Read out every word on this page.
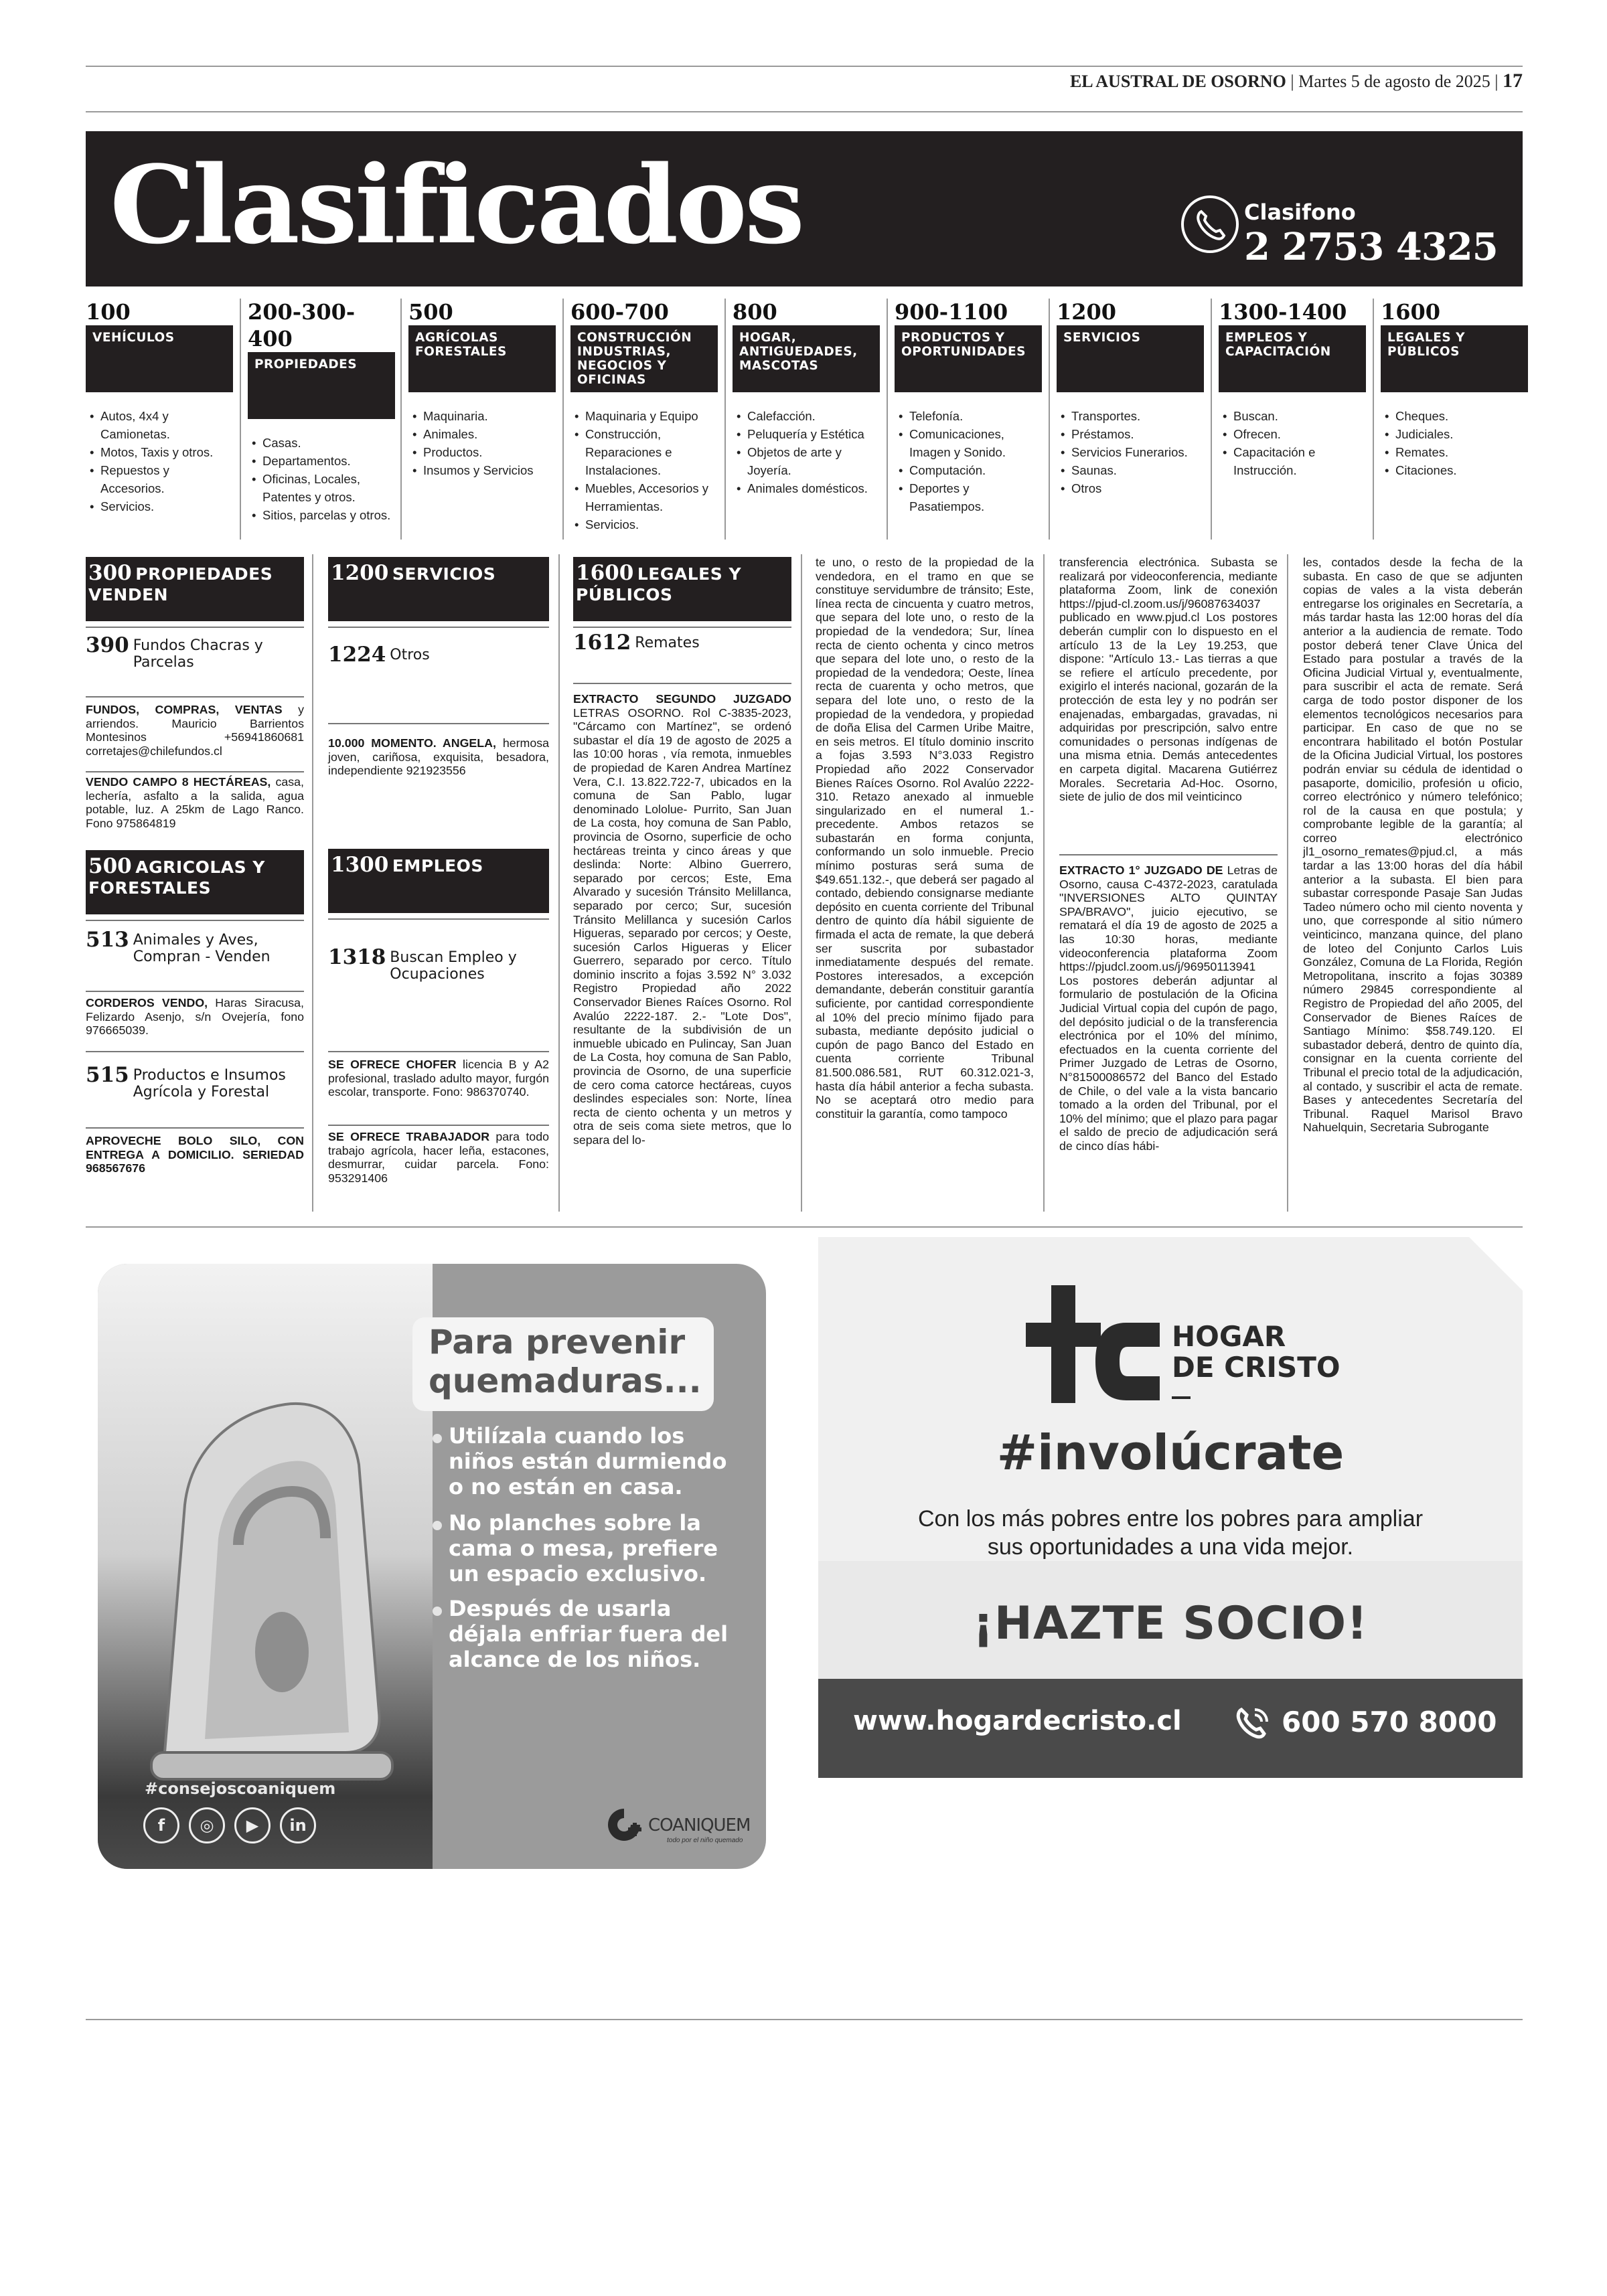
EL AUSTRAL DE OSORNO | Martes 5 de agosto de 2025 | 17
Clasificados	Clasifono
2 2753 4325
100
VEHÍCULOS
• Autos, 4x4 y Camionetas.
• Motos, Taxis y otros.
• Repuestos y Accesorios.
• Servicios.
200-300-400
PROPIEDADES
• Casas.
• Departamentos.
• Oficinas, Locales, Patentes y otros.
• Sitios, parcelas y otros.
500
AGRÍCOLAS FORESTALES
• Maquinaria.
• Animales.
• Productos.
• Insumos y Servicios
600-700
CONSTRUCCIÓN INDUSTRIAS, NEGOCIOS Y OFICINAS
• Maquinaria y Equipo
• Construcción, Reparaciones e Instalaciones.
• Muebles, Accesorios y Herramientas.
• Servicios.
800
HOGAR, ANTIGUEDADES, MASCOTAS
• Calefacción.
• Peluquería y Estética
• Objetos de arte y Joyería.
• Animales domésticos.
900-1100
PRODUCTOS Y OPORTUNIDADES
• Telefonía.
• Comunicaciones, Imagen y Sonido.
• Computación.
• Deportes y Pasatiempos.
1200
SERVICIOS
• Transportes.
• Préstamos.
• Servicios Funerarios.
• Saunas.
• Otros
1300-1400
EMPLEOS Y CAPACITACIÓN
• Buscan.
• Ofrecen.
• Capacitación e Instrucción.
1600
LEGALES Y PÚBLICOS
• Cheques.
• Judiciales.
• Remates.
• Citaciones.
300 PROPIEDADES VENDEN
390 Fundos Chacras y Parcelas
FUNDOS, COMPRAS, VENTAS y arriendos. Mauricio Barrientos Montesinos +56941860681 corretajes@chilefundos.cl
VENDO CAMPO 8 HECTÁREAS, casa, lechería, asfalto a la salida, agua potable, luz. A 25km de Lago Ranco. Fono 975864819
500 AGRICOLAS Y FORESTALES
513 Animales y Aves, Compran - Venden
CORDEROS VENDO, Haras Siracusa, Felizardo Asenjo, s/n Ovejería, fono 976665039.
515 Productos e Insumos Agrícola y Forestal
APROVECHE BOLO SILO, CON ENTREGA A DOMICILIO. SERIEDAD 968567676
1200 SERVICIOS
1224 Otros
10.000 MOMENTO. ANGELA, hermosa joven, cariñosa, exquisita, besadora, independiente 921923556
1300 EMPLEOS
1318 Buscan Empleo y Ocupaciones
SE OFRECE CHOFER licencia B y A2 profesional, traslado adulto mayor, furgón escolar, transporte. Fono: 986370740.
SE OFRECE TRABAJADOR para todo trabajo agrícola, hacer leña, estacones, desmurrar, cuidar parcela. Fono: 953291406
1600 LEGALES Y PÚBLICOS
1612 Remates
EXTRACTO SEGUNDO JUZGADO LETRAS OSORNO. Rol C-3835-2023, "Cárcamo con Martínez", se ordenó subastar el día 19 de agosto de 2025 a las 10:00 horas , vía remota, inmuebles de propiedad de Karen Andrea Martínez Vera, C.I. 13.822.722-7, ubicados en la comuna de San Pablo, lugar denominado Lololue- Purrito, San Juan de La costa, hoy comuna de San Pablo, provincia de Osorno, superficie de ocho hectáreas treinta y cinco áreas y que deslinda: Norte: Albino Guerrero, separado por cercos; Este, Ema Alvarado y sucesión Tránsito Melillanca, separado por cerco; Sur, sucesión Tránsito Melillanca y sucesión Carlos Higueras, separado por cercos; y Oeste, sucesión Carlos Higueras y Elicer Guerrero, separado por cerco. Título dominio inscrito a fojas 3.592 N° 3.032 Registro Propiedad año 2022 Conservador Bienes Raíces Osorno. Rol Avalúo 2222-187. 2.- "Lote Dos", resultante de la subdivisión de un inmueble ubicado en Pulincay, San Juan de La Costa, hoy comuna de San Pablo, provincia de Osorno, de una superficie de cero coma catorce hectáreas, cuyos deslindes especiales son: Norte, línea recta de ciento ochenta y un metros y otra de seis coma siete metros, que lo separa del lo-
te uno, o resto de la propiedad de la vendedora, en el tramo en que se constituye servidumbre de tránsito; Este, línea recta de cincuenta y cuatro metros, que separa del lote uno, o resto de la propiedad de la vendedora; Sur, línea recta de ciento ochenta y cinco metros que separa del lote uno, o resto de la propiedad de la vendedora; Oeste, línea recta de cuarenta y ocho metros, que separa del lote uno, o resto de la propiedad de la vendedora, y propiedad de doña Elisa del Carmen Uribe Maitre, en seis metros. El título dominio inscrito a fojas 3.593 N°3.033 Registro Propiedad año 2022 Conservador Bienes Raíces Osorno. Rol Avalúo 2222-310. Retazo anexado al inmueble singularizado en el numeral 1.- precedente. Ambos retazos se subastarán en forma conjunta, conformando un solo inmueble. Precio mínimo posturas será suma de $49.651.132.-, que deberá ser pagado al contado, debiendo consignarse mediante depósito en cuenta corriente del Tribunal dentro de quinto día hábil siguiente de firmada el acta de remate, la que deberá ser suscrita por subastador inmediatamente después del remate. Postores interesados, a excepción demandante, deberán constituir garantía suficiente, por cantidad correspondiente al 10% del precio mínimo fijado para subasta, mediante depósito judicial o cupón de pago Banco del Estado en cuenta corriente Tribunal 81.500.086.581, RUT 60.312.021-3, hasta día hábil anterior a fecha subasta. No se aceptará otro medio para constituir la garantía, como tampoco
transferencia electrónica. Subasta se realizará por videoconferencia, mediante plataforma Zoom, link de conexión https://pjud-cl.zoom.us/j/96087634037 publicado en www.pjud.cl Los postores deberán cumplir con lo dispuesto en el artículo 13 de la Ley 19.253, que dispone: "Artículo 13.- Las tierras a que se refiere el artículo precedente, por exigirlo el interés nacional, gozarán de la protección de esta ley y no podrán ser enajenadas, embargadas, gravadas, ni adquiridas por prescripción, salvo entre comunidades o personas indígenas de una misma etnia. Demás antecedentes en carpeta digital. Macarena Gutiérrez Morales. Secretaria Ad-Hoc. Osorno, siete de julio de dos mil veinticinco
EXTRACTO 1° JUZGADO DE Letras de Osorno, causa C-4372-2023, caratulada "INVERSIONES ALTO QUINTAY SPA/BRAVO", juicio ejecutivo, se rematará el día 19 de agosto de 2025 a las 10:30 horas, mediante videoconferencia plataforma Zoom https://pjudcl.zoom.us/j/96950113941 Los postores deberán adjuntar al formulario de postulación de la Oficina Judicial Virtual copia del cupón de pago, del depósito judicial o de la transferencia electrónica por el 10% del mínimo, efectuados en la cuenta corriente del Primer Juzgado de Letras de Osorno, N°81500086572 del Banco del Estado de Chile, o del vale a la vista bancario tomado a la orden del Tribunal, por el 10% del mínimo; que el plazo para pagar el saldo de precio de adjudicación será de cinco días hábi-
les, contados desde la fecha de la subasta. En caso de que se adjunten copias de vales a la vista deberán entregarse los originales en Secretaría, a más tardar hasta las 12:00 horas del día anterior a la audiencia de remate. Todo postor deberá tener Clave Única del Estado para postular a través de la Oficina Judicial Virtual y, eventualmente, para suscribir el acta de remate. Será carga de todo postor disponer de los elementos tecnológicos necesarios para participar. En caso de que no se encontrara habilitado el botón Postular de la Oficina Judicial Virtual, los postores podrán enviar su cédula de identidad o pasaporte, domicilio, profesión u oficio, correo electrónico y número telefónico; rol de la causa en que postula; y comprobante legible de la garantía; al correo electrónico jl1_osorno_remates@pjud.cl, a más tardar a las 13:00 horas del día hábil anterior a la subasta. El bien para subastar corresponde Pasaje San Judas Tadeo número ocho mil ciento noventa y uno, que corresponde al sitio número veinticinco, manzana quince, del plano de loteo del Conjunto Carlos Luis González, Comuna de La Florida, Región Metropolitana, inscrito a fojas 30389 número 29845 correspondiente al Registro de Propiedad del año 2005, del Conservador de Bienes Raíces de Santiago Mínimo: $58.749.120. El subastador deberá, dentro de quinto día, consignar en la cuenta corriente del Tribunal el precio total de la adjudicación, al contado, y suscribir el acta de remate. Bases y antecedentes Secretaría del Tribunal. Raquel Marisol Bravo Nahuelquin, Secretaria Subrogante
Para prevenir
quemaduras...
Utilízala cuando los niños están durmiendo o no están en casa.
No planches sobre la cama o mesa, prefiere un espacio exclusivo.
Después de usarla déjala enfriar fuera del alcance de los niños.
#consejoscoaniquem
f	◎	▶	in	COANIQUEM
todo por el niño quemado
HOGAR
DE CRISTO
#involúcrate
Con los más pobres entre los pobres para ampliar
sus oportunidades a una vida mejor.
¡HAZTE SOCIO!
www.hogardecristo.cl	600 570 8000
